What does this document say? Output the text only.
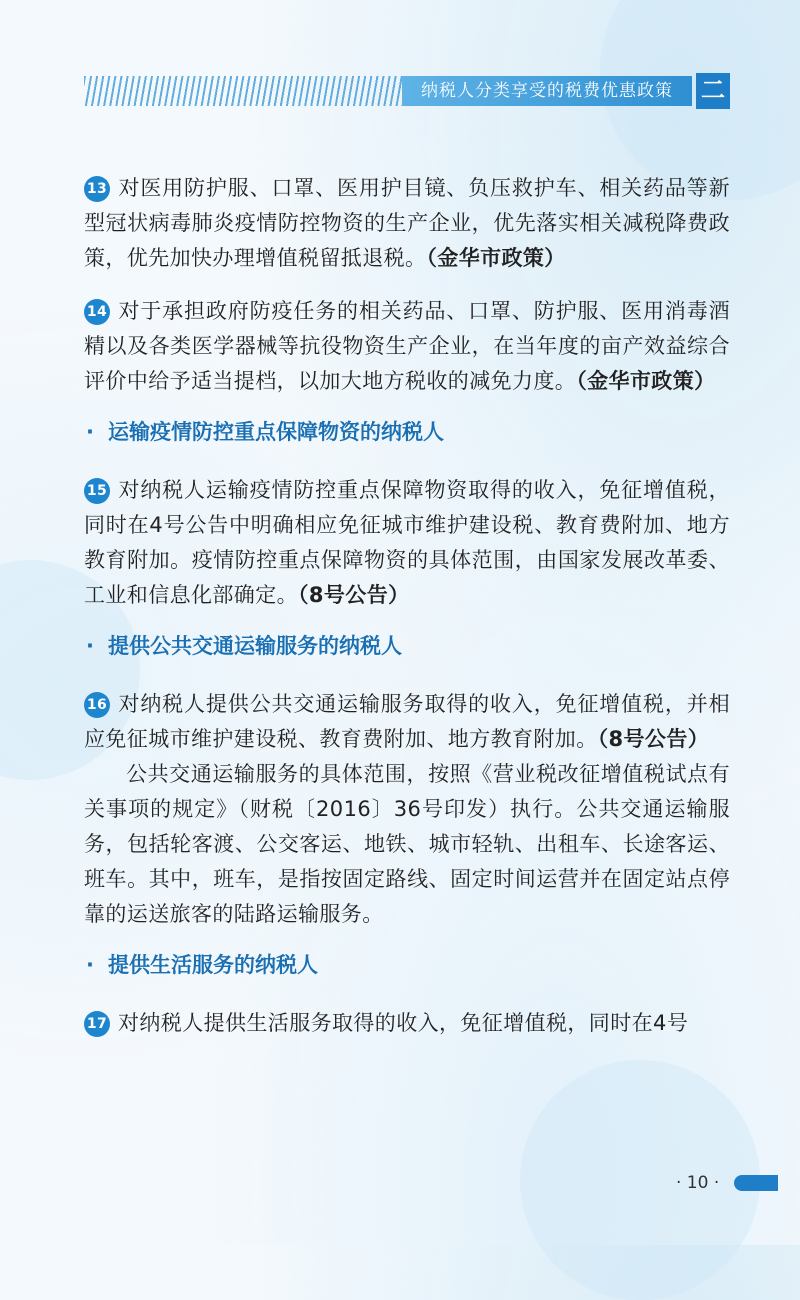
纳税人分类享受的税费优惠政策	二

13 对医用防护服、口罩、医用护目镜、负压救护车、相关药品等新型冠状病毒肺炎疫情防控物资的生产企业，优先落实相关减税降费政策，优先加快办理增值税留抵退税。（金华市政策）

14 对于承担政府防疫任务的相关药品、口罩、防护服、医用消毒酒精以及各类医学器械等抗役物资生产企业，在当年度的亩产效益综合评价中给予适当提档，以加大地方税收的减免力度。（金华市政策）

· 运输疫情防控重点保障物资的纳税人

15 对纳税人运输疫情防控重点保障物资取得的收入，免征增值税，同时在4号公告中明确相应免征城市维护建设税、教育费附加、地方教育附加。疫情防控重点保障物资的具体范围，由国家发展改革委、工业和信息化部确定。（8号公告）

· 提供公共交通运输服务的纳税人

16 对纳税人提供公共交通运输服务取得的收入，免征增值税，并相应免征城市维护建设税、教育费附加、地方教育附加。（8号公告）

公共交通运输服务的具体范围，按照《营业税改征增值税试点有关事项的规定》（财税〔2016〕36号印发）执行。公共交通运输服务，包括轮客渡、公交客运、地铁、城市轻轨、出租车、长途客运、班车。其中，班车，是指按固定路线、固定时间运营并在固定站点停靠的运送旅客的陆路运输服务。

· 提供生活服务的纳税人

17 对纳税人提供生活服务取得的收入，免征增值税，同时在4号

· 10 ·
